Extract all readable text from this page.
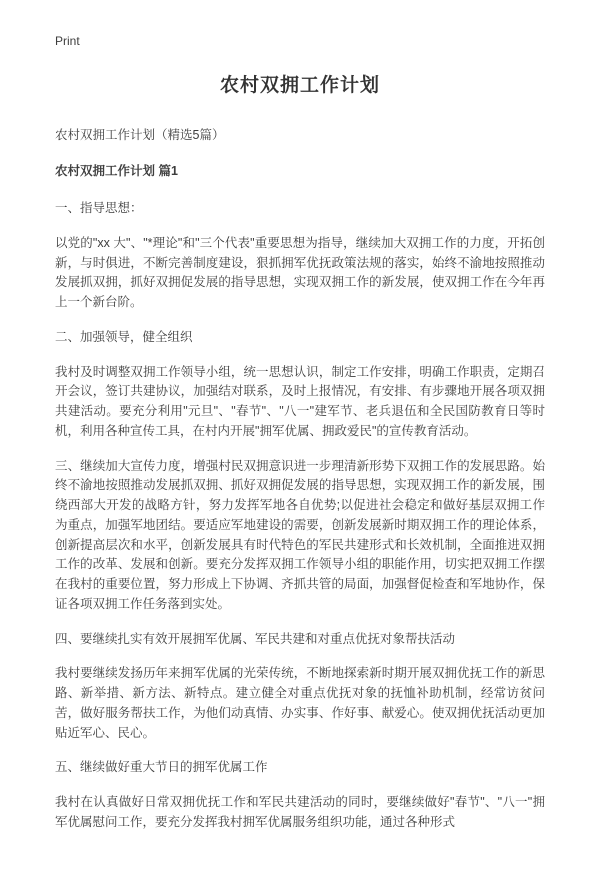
Print
农村双拥工作计划

农村双拥工作计划（精选5篇）

农村双拥工作计划 篇1

一、指导思想：

以党的"xx 大"、"*理论"和"三个代表"重要思想为指导，继续加大双拥工作的力度，开拓创新，与时俱进，不断完善制度建设，狠抓拥军优抚政策法规的落实，始终不渝地按照推动发展抓双拥，抓好双拥促发展的指导思想，实现双拥工作的新发展，使双拥工作在今年再上一个新台阶。

二、加强领导，健全组织

我村及时调整双拥工作领导小组，统一思想认识，制定工作安排，明确工作职责，定期召开会议，签订共建协议，加强结对联系，及时上报情况，有安排、有步骤地开展各项双拥共建活动。要充分利用"元旦"、"春节"、"八一"建军节、老兵退伍和全民国防教育日等时机，利用各种宣传工具，在村内开展"拥军优属、拥政爱民"的宣传教育活动。

三、继续加大宣传力度，增强村民双拥意识进一步理清新形势下双拥工作的发展思路。始终不渝地按照推动发展抓双拥、抓好双拥促发展的指导思想，实现双拥工作的新发展，围绕西部大开发的战略方针，努力发挥军地各自优势;以促进社会稳定和做好基层双拥工作为重点，加强军地团结。要适应军地建设的需要，创新发展新时期双拥工作的理论体系，创新提高层次和水平，创新发展具有时代特色的军民共建形式和长效机制，全面推进双拥工作的改革、发展和创新。要充分发挥双拥工作领导小组的职能作用，切实把双拥工作摆在我村的重要位置，努力形成上下协调、齐抓共管的局面，加强督促检查和军地协作，保证各项双拥工作任务落到实处。

四、要继续扎实有效开展拥军优属、军民共建和对重点优抚对象帮扶活动

我村要继续发扬历年来拥军优属的光荣传统，不断地探索新时期开展双拥优抚工作的新思路、新举措、新方法、新特点。建立健全对重点优抚对象的抚恤补助机制，经常访贫问苦，做好服务帮扶工作，为他们动真情、办实事、作好事、献爱心。使双拥优抚活动更加贴近军心、民心。

五、继续做好重大节日的拥军优属工作

我村在认真做好日常双拥优抚工作和军民共建活动的同时，要继续做好"春节"、"八一"拥军优属慰问工作，要充分发挥我村拥军优属服务组织功能，通过各种形式
